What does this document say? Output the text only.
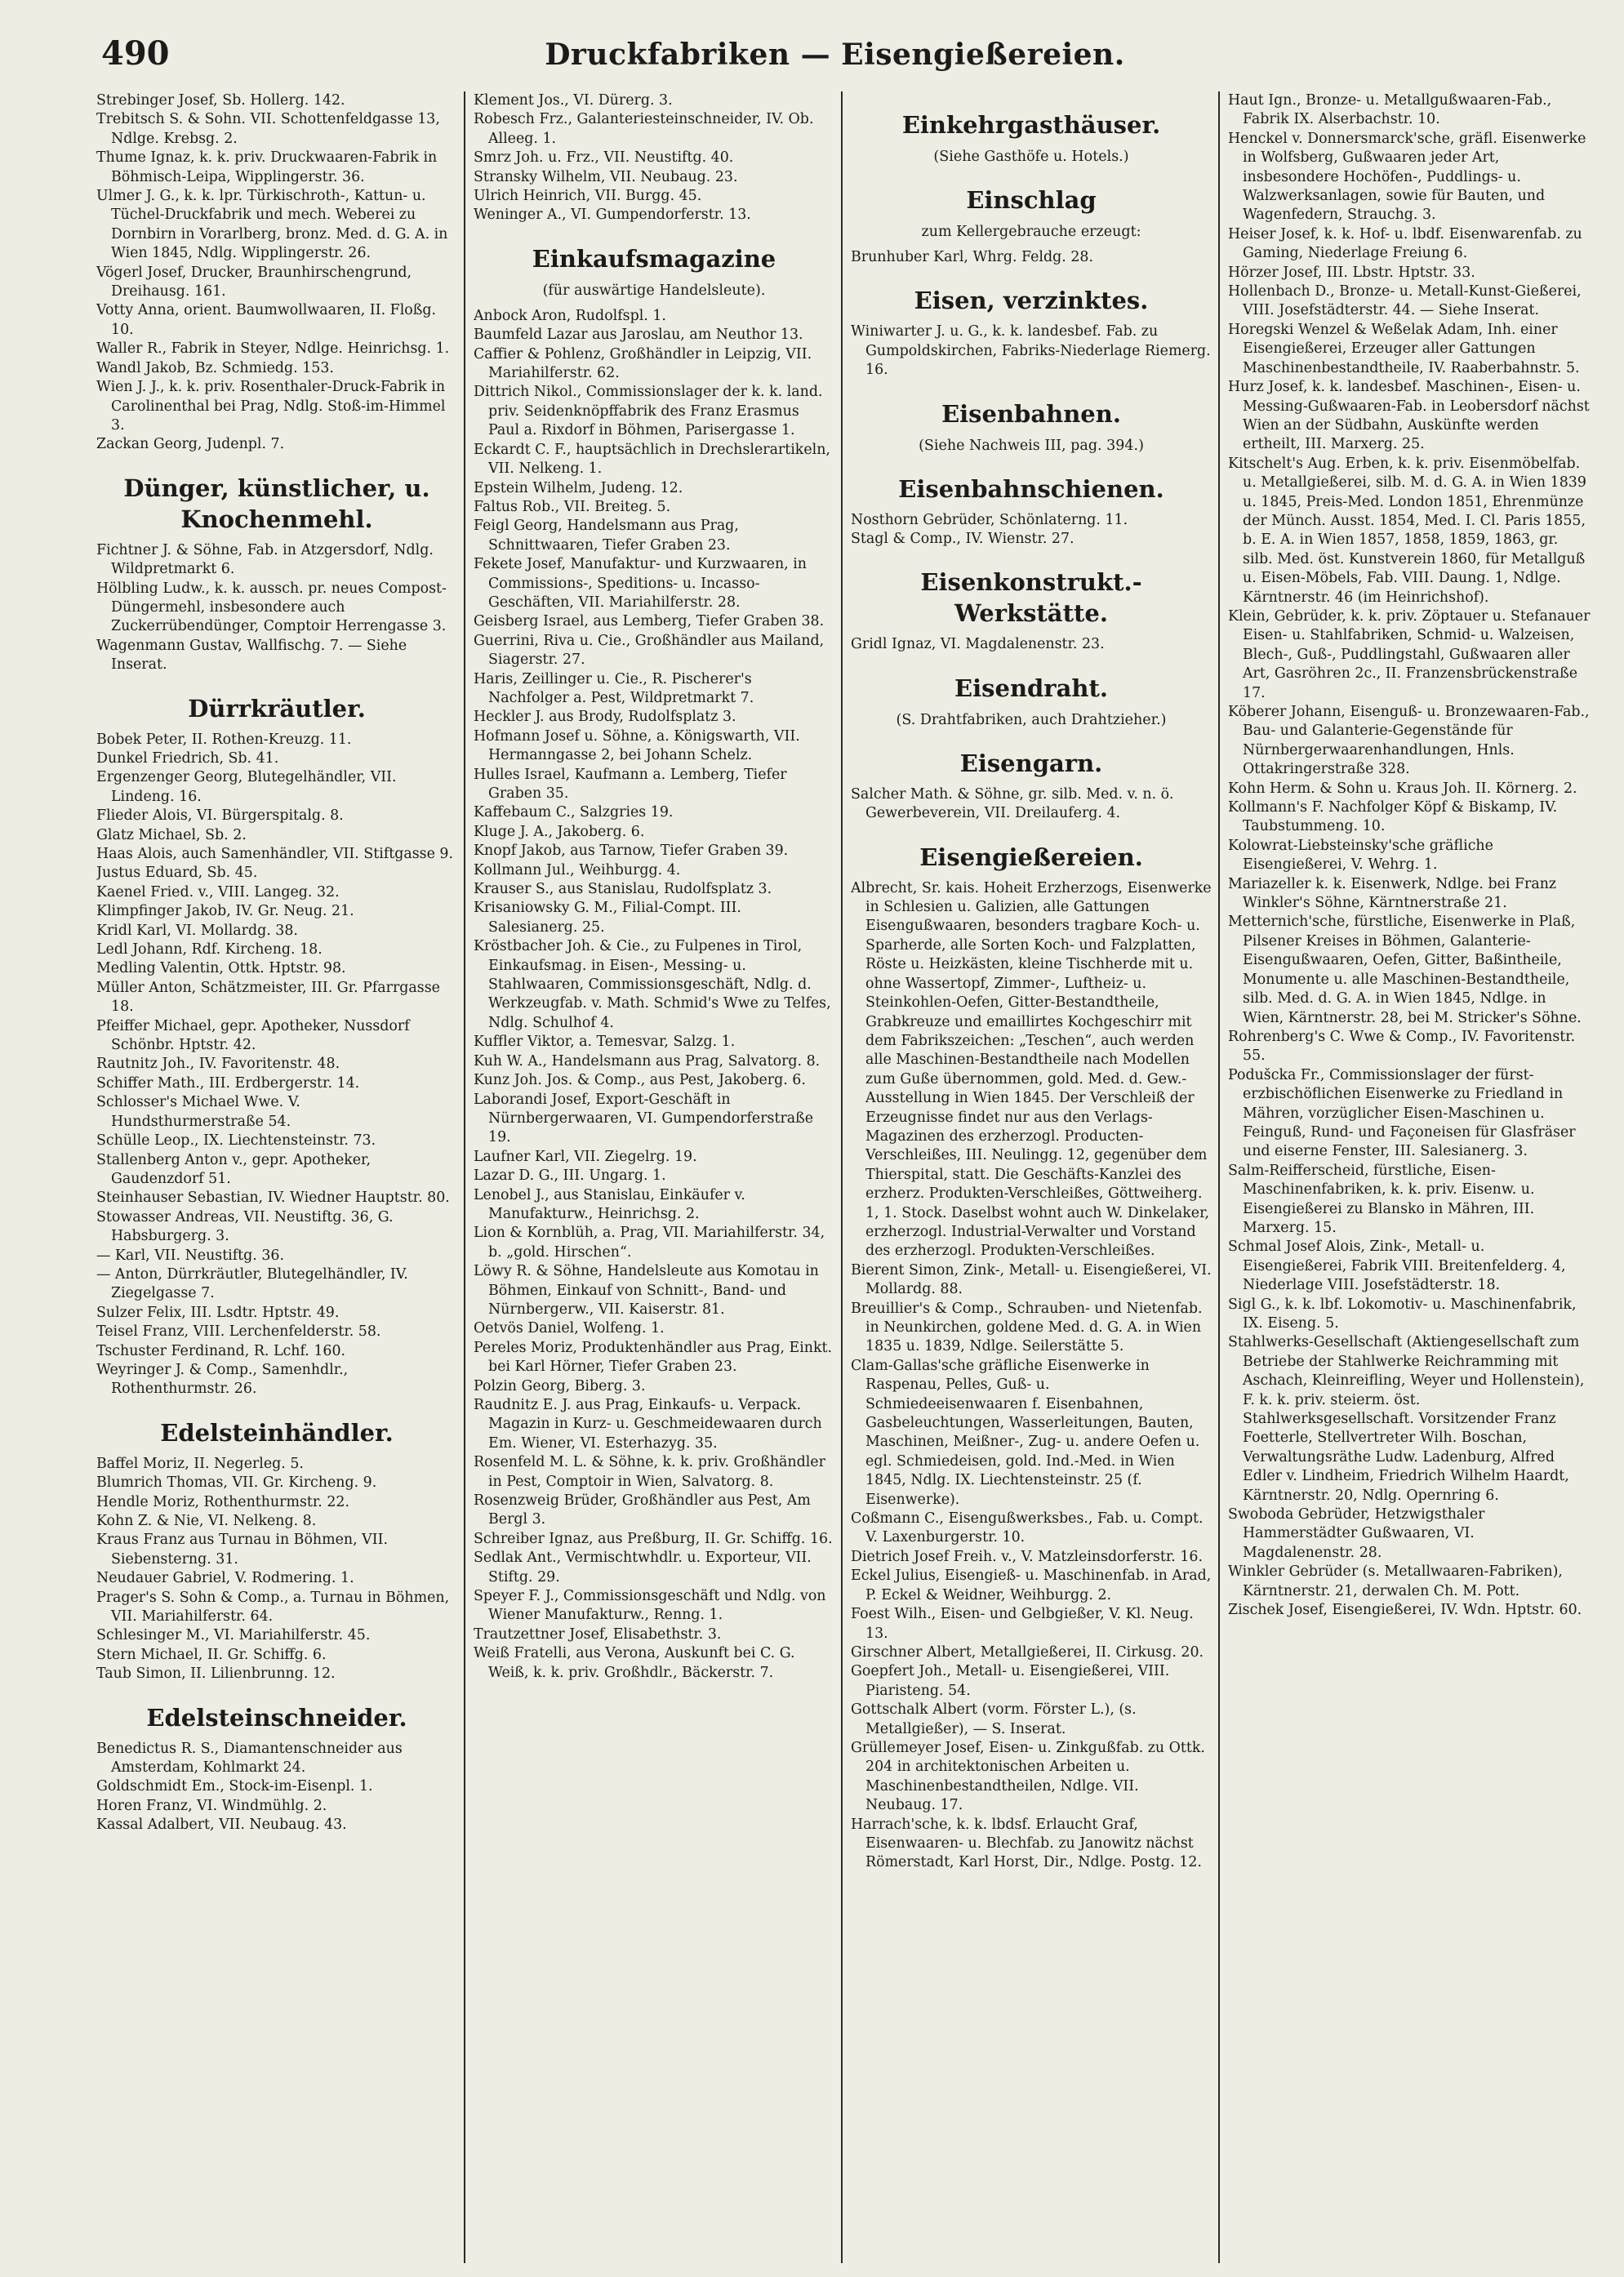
490	Druckfabriken — Eisengießereien.
Strebinger Josef, Sb. Hollerg. 142.
Trebitsch S. & Sohn. VII. Schottenfeldgasse 13, Ndlge. Krebsg. 2.
Thume Ignaz, k. k. priv. Druckwaaren-Fabrik in Böhmisch-Leipa, Wipplingerstr. 36.
Ulmer J. G., k. k. lpr. Türkischroth-, Kattun- u. Tüchel-Druckfabrik und mech. Weberei zu Dornbirn in Vorarlberg, bronz. Med. d. G. A. in Wien 1845, Ndlg. Wipplingerstr. 26.
Vögerl Josef, Drucker, Braunhirschengrund, Dreihausg. 161.
Votty Anna, orient. Baumwollwaaren, II. Floßg. 10.
Waller R., Fabrik in Steyer, Ndlge. Heinrichsg. 1.
Wandl Jakob, Bz. Schmiedg. 153.
Wien J. J., k. k. priv. Rosenthaler-Druck-Fabrik in Carolinenthal bei Prag, Ndlg. Stoß-im-Himmel 3.
Zackan Georg, Judenpl. 7.
Dünger, künstlicher, u. Knochenmehl.
Fichtner J. & Söhne, Fab. in Atzgersdorf, Ndlg. Wildpretmarkt 6.
Hölbling Ludw., k. k. aussch. pr. neues Compost-Düngermehl, insbesondere auch Zuckerrübendünger, Comptoir Herrengasse 3.
Wagenmann Gustav, Wallfischg. 7. — Siehe Inserat.
Dürrkräutler.
Bobek Peter, II. Rothen-Kreuzg. 11.
Dunkel Friedrich, Sb. 41.
Ergenzenger Georg, Blutegelhändler, VII. Lindeng. 16.
Flieder Alois, VI. Bürgerspitalg. 8.
Glatz Michael, Sb. 2.
Haas Alois, auch Samenhändler, VII. Stiftgasse 9.
Justus Eduard, Sb. 45.
Kaenel Fried. v., VIII. Langeg. 32.
Klimpfinger Jakob, IV. Gr. Neug. 21.
Kridl Karl, VI. Mollardg. 38.
Ledl Johann, Rdf. Kircheng. 18.
Medling Valentin, Ottk. Hptstr. 98.
Müller Anton, Schätzmeister, III. Gr. Pfarrgasse 18.
Pfeiffer Michael, gepr. Apotheker, Nussdorf Schönbr. Hptstr. 42.
Rautnitz Joh., IV. Favoritenstr. 48.
Schiffer Math., III. Erdbergerstr. 14.
Schlosser's Michael Wwe. V. Hundsthurmerstraße 54.
Schülle Leop., IX. Liechtensteinstr. 73.
Stallenberg Anton v., gepr. Apotheker, Gaudenzdorf 51.
Steinhauser Sebastian, IV. Wiedner Hauptstr. 80.
Stowasser Andreas, VII. Neustiftg. 36, G. Habsburgerg. 3.
— Karl, VII. Neustiftg. 36.
— Anton, Dürrkräutler, Blutegelhändler, IV. Ziegelgasse 7.
Sulzer Felix, III. Lsdtr. Hptstr. 49.
Teisel Franz, VIII. Lerchenfelderstr. 58.
Tschuster Ferdinand, R. Lchf. 160.
Weyringer J. & Comp., Samenhdlr., Rothenthurmstr. 26.
Edelsteinhändler.
Baffel Moriz, II. Negerleg. 5.
Blumrich Thomas, VII. Gr. Kircheng. 9.
Hendle Moriz, Rothenthurmstr. 22.
Kohn Z. & Nie, VI. Nelkeng. 8.
Kraus Franz aus Turnau in Böhmen, VII. Siebensterng. 31.
Neudauer Gabriel, V. Rodmering. 1.
Prager's S. Sohn & Comp., a. Turnau in Böhmen, VII. Mariahilferstr. 64.
Schlesinger M., VI. Mariahilferstr. 45.
Stern Michael, II. Gr. Schiffg. 6.
Taub Simon, II. Lilienbrunng. 12.
Edelsteinschneider.
Benedictus R. S., Diamantenschneider aus Amsterdam, Kohlmarkt 24.
Goldschmidt Em., Stock-im-Eisenpl. 1.
Horen Franz, VI. Windmühlg. 2.
Kassal Adalbert, VII. Neubaug. 43.
Klement Jos., VI. Dürerg. 3.
Robesch Frz., Galanteriesteinschneider, IV. Ob. Alleeg. 1.
Smrz Joh. u. Frz., VII. Neustiftg. 40.
Stransky Wilhelm, VII. Neubaug. 23.
Ulrich Heinrich, VII. Burgg. 45.
Weninger A., VI. Gumpendorferstr. 13.
Einkaufsmagazine
(für auswärtige Handelsleute).
Anbock Aron, Rudolfspl. 1.
Baumfeld Lazar aus Jaroslau, am Neuthor 13.
Caffier & Pohlenz, Großhändler in Leipzig, VII. Mariahilferstr. 62.
Dittrich Nikol., Commissionslager der k. k. land. priv. Seidenknöpffabrik des Franz Erasmus Paul a. Rixdorf in Böhmen, Parisergasse 1.
Eckardt C. F., hauptsächlich in Drechslerartikeln, VII. Nelkeng. 1.
Epstein Wilhelm, Judeng. 12.
Faltus Rob., VII. Breiteg. 5.
Feigl Georg, Handelsmann aus Prag, Schnittwaaren, Tiefer Graben 23.
Fekete Josef, Manufaktur- und Kurzwaaren, in Commissions-, Speditions- u. Incasso-Geschäften, VII. Mariahilferstr. 28.
Geisberg Israel, aus Lemberg, Tiefer Graben 38.
Guerrini, Riva u. Cie., Großhändler aus Mailand, Siagerstr. 27.
Haris, Zeillinger u. Cie., R. Pischerer's Nachfolger a. Pest, Wildpretmarkt 7.
Heckler J. aus Brody, Rudolfsplatz 3.
Hofmann Josef u. Söhne, a. Königswarth, VII. Hermanngasse 2, bei Johann Schelz.
Hulles Israel, Kaufmann a. Lemberg, Tiefer Graben 35.
Kaffebaum C., Salzgries 19.
Kluge J. A., Jakoberg. 6.
Knopf Jakob, aus Tarnow, Tiefer Graben 39.
Kollmann Jul., Weihburgg. 4.
Krauser S., aus Stanislau, Rudolfsplatz 3.
Krisaniowsky G. M., Filial-Compt. III. Salesianerg. 25.
Kröstbacher Joh. & Cie., zu Fulpenes in Tirol, Einkaufsmag. in Eisen-, Messing- u. Stahlwaaren, Commissionsgeschäft, Ndlg. d. Werkzeugfab. v. Math. Schmid's Wwe zu Telfes, Ndlg. Schulhof 4.
Kuffler Viktor, a. Temesvar, Salzg. 1.
Kuh W. A., Handelsmann aus Prag, Salvatorg. 8.
Kunz Joh. Jos. & Comp., aus Pest, Jakoberg. 6.
Laborandi Josef, Export-Geschäft in Nürnbergerwaaren, VI. Gumpendorferstraße 19.
Laufner Karl, VII. Ziegelrg. 19.
Lazar D. G., III. Ungarg. 1.
Lenobel J., aus Stanislau, Einkäufer v. Manufakturw., Heinrichsg. 2.
Lion & Kornblüh, a. Prag, VII. Mariahilferstr. 34, b. „gold. Hirschen“.
Löwy R. & Söhne, Handelsleute aus Komotau in Böhmen, Einkauf von Schnitt-, Band- und Nürnbergerw., VII. Kaiserstr. 81.
Oetvös Daniel, Wolfeng. 1.
Pereles Moriz, Produktenhändler aus Prag, Einkt. bei Karl Hörner, Tiefer Graben 23.
Polzin Georg, Biberg. 3.
Raudnitz E. J. aus Prag, Einkaufs- u. Verpack. Magazin in Kurz- u. Geschmeidewaaren durch Em. Wiener, VI. Esterhazyg. 35.
Rosenfeld M. L. & Söhne, k. k. priv. Großhändler in Pest, Comptoir in Wien, Salvatorg. 8.
Rosenzweig Brüder, Großhändler aus Pest, Am Bergl 3.
Schreiber Ignaz, aus Preßburg, II. Gr. Schiffg. 16.
Sedlak Ant., Vermischtwhdlr. u. Exporteur, VII. Stiftg. 29.
Speyer F. J., Commissionsgeschäft und Ndlg. von Wiener Manufakturw., Renng. 1.
Trautzettner Josef, Elisabethstr. 3.
Weiß Fratelli, aus Verona, Auskunft bei C. G. Weiß, k. k. priv. Großhdlr., Bäckerstr. 7.
Einkehrgasthäuser.
(Siehe Gasthöfe u. Hotels.)
Einschlag
zum Kellergebrauche erzeugt:
Brunhuber Karl, Whrg. Feldg. 28.
Eisen, verzinktes.
Winiwarter J. u. G., k. k. landesbef. Fab. zu Gumpoldskirchen, Fabriks-Niederlage Riemerg. 16.
Eisenbahnen.
(Siehe Nachweis III, pag. 394.)
Eisenbahnschienen.
Nosthorn Gebrüder, Schönlaterng. 11.
Stagl & Comp., IV. Wienstr. 27.
Eisenkonstrukt.-Werkstätte.
Gridl Ignaz, VI. Magdalenenstr. 23.
Eisendraht.
(S. Drahtfabriken, auch Drahtzieher.)
Eisengarn.
Salcher Math. & Söhne, gr. silb. Med. v. n. ö. Gewerbeverein, VII. Dreilauferg. 4.
Eisengießereien.
Albrecht, Sr. kais. Hoheit Erzherzogs, Eisenwerke in Schlesien u. Galizien, alle Gattungen Eisengußwaaren, besonders tragbare Koch- u. Sparherde, alle Sorten Koch- und Falzplatten, Röste u. Heizkästen, kleine Tischherde mit u. ohne Wassertopf, Zimmer-, Luftheiz- u. Steinkohlen-Oefen, Gitter-Bestandtheile, Grabkreuze und emaillirtes Kochgeschirr mit dem Fabrikszeichen: „Teschen“, auch werden alle Maschinen-Bestandtheile nach Modellen zum Guße übernommen, gold. Med. d. Gew.-Ausstellung in Wien 1845. Der Verschleiß der Erzeugnisse findet nur aus den Verlags-Magazinen des erzherzogl. Producten-Verschleißes, III. Neulingg. 12, gegenüber dem Thierspital, statt. Die Geschäfts-Kanzlei des erzherz. Produkten-Verschleißes, Göttweiherg. 1, 1. Stock. Daselbst wohnt auch W. Dinkelaker, erzherzogl. Industrial-Verwalter und Vorstand des erzherzogl. Produkten-Verschleißes.
Bierent Simon, Zink-, Metall- u. Eisengießerei, VI. Mollardg. 88.
Breuillier's & Comp., Schrauben- und Nietenfab. in Neunkirchen, goldene Med. d. G. A. in Wien 1835 u. 1839, Ndlge. Seilerstätte 5.
Clam-Gallas'sche gräfliche Eisenwerke in Raspenau, Pelles, Guß- u. Schmiedeeisenwaaren f. Eisenbahnen, Gasbeleuchtungen, Wasserleitungen, Bauten, Maschinen, Meißner-, Zug- u. andere Oefen u. egl. Schmiedeisen, gold. Ind.-Med. in Wien 1845, Ndlg. IX. Liechtensteinstr. 25 (f. Eisenwerke).
Coßmann C., Eisengußwerksbes., Fab. u. Compt. V. Laxenburgerstr. 10.
Dietrich Josef Freih. v., V. Matzleinsdorferstr. 16.
Eckel Julius, Eisengieß- u. Maschinenfab. in Arad, P. Eckel & Weidner, Weihburgg. 2.
Foest Wilh., Eisen- und Gelbgießer, V. Kl. Neug. 13.
Girschner Albert, Metallgießerei, II. Cirkusg. 20.
Goepfert Joh., Metall- u. Eisengießerei, VIII. Piaristeng. 54.
Gottschalk Albert (vorm. Förster L.), (s. Metallgießer), — S. Inserat.
Grüllemeyer Josef, Eisen- u. Zinkgußfab. zu Ottk. 204 in architektonischen Arbeiten u. Maschinenbestandtheilen, Ndlge. VII. Neubaug. 17.
Harrach'sche, k. k. lbdsf. Erlaucht Graf, Eisenwaaren- u. Blechfab. zu Janowitz nächst Römerstadt, Karl Horst, Dir., Ndlge. Postg. 12.
Haut Ign., Bronze- u. Metallgußwaaren-Fab., Fabrik IX. Alserbachstr. 10.
Henckel v. Donnersmarck'sche, gräfl. Eisenwerke in Wolfsberg, Gußwaaren jeder Art, insbesondere Hochöfen-, Puddlings- u. Walzwerksanlagen, sowie für Bauten, und Wagenfedern, Strauchg. 3.
Heiser Josef, k. k. Hof- u. lbdf. Eisenwarenfab. zu Gaming, Niederlage Freiung 6.
Hörzer Josef, III. Lbstr. Hptstr. 33.
Hollenbach D., Bronze- u. Metall-Kunst-Gießerei, VIII. Josefstädterstr. 44. — Siehe Inserat.
Horegski Wenzel & Weßelak Adam, Inh. einer Eisengießerei, Erzeuger aller Gattungen Maschinenbestandtheile, IV. Raaberbahnstr. 5.
Hurz Josef, k. k. landesbef. Maschinen-, Eisen- u. Messing-Gußwaaren-Fab. in Leobersdorf nächst Wien an der Südbahn, Auskünfte werden ertheilt, III. Marxerg. 25.
Kitschelt's Aug. Erben, k. k. priv. Eisenmöbelfab. u. Metallgießerei, silb. M. d. G. A. in Wien 1839 u. 1845, Preis-Med. London 1851, Ehrenmünze der Münch. Ausst. 1854, Med. I. Cl. Paris 1855, b. E. A. in Wien 1857, 1858, 1859, 1863, gr. silb. Med. öst. Kunstverein 1860, für Metallguß u. Eisen-Möbels, Fab. VIII. Daung. 1, Ndlge. Kärntnerstr. 46 (im Heinrichshof).
Klein, Gebrüder, k. k. priv. Zöptauer u. Stefanauer Eisen- u. Stahlfabriken, Schmid- u. Walzeisen, Blech-, Guß-, Puddlingstahl, Gußwaaren aller Art, Gasröhren 2c., II. Franzensbrückenstraße 17.
Köberer Johann, Eisenguß- u. Bronzewaaren-Fab., Bau- und Galanterie-Gegenstände für Nürnbergerwaarenhandlungen, Hnls. Ottakringerstraße 328.
Kohn Herm. & Sohn u. Kraus Joh. II. Körnerg. 2.
Kollmann's F. Nachfolger Köpf & Biskamp, IV. Taubstummeng. 10.
Kolowrat-Liebsteinsky'sche gräfliche Eisengießerei, V. Wehrg. 1.
Mariazeller k. k. Eisenwerk, Ndlge. bei Franz Winkler's Söhne, Kärntnerstraße 21.
Metternich'sche, fürstliche, Eisenwerke in Plaß, Pilsener Kreises in Böhmen, Galanterie-Eisengußwaaren, Oefen, Gitter, Baßintheile, Monumente u. alle Maschinen-Bestandtheile, silb. Med. d. G. A. in Wien 1845, Ndlge. in Wien, Kärntnerstr. 28, bei M. Stricker's Söhne.
Rohrenberg's C. Wwe & Comp., IV. Favoritenstr. 55.
Podušcka Fr., Commissionslager der fürst-erzbischöflichen Eisenwerke zu Friedland in Mähren, vorzüglicher Eisen-Maschinen u. Feinguß, Rund- und Façoneisen für Glasfräser und eiserne Fenster, III. Salesianerg. 3.
Salm-Reifferscheid, fürstliche, Eisen-Maschinenfabriken, k. k. priv. Eisenw. u. Eisengießerei zu Blansko in Mähren, III. Marxerg. 15.
Schmal Josef Alois, Zink-, Metall- u. Eisengießerei, Fabrik VIII. Breitenfelderg. 4, Niederlage VIII. Josefstädterstr. 18.
Sigl G., k. k. lbf. Lokomotiv- u. Maschinenfabrik, IX. Eiseng. 5.
Stahlwerks-Gesellschaft (Aktiengesellschaft zum Betriebe der Stahlwerke Reichramming mit Aschach, Kleinreifling, Weyer und Hollenstein), F. k. k. priv. steierm. öst. Stahlwerksgesellschaft. Vorsitzender Franz Foetterle, Stellvertreter Wilh. Boschan, Verwaltungsräthe Ludw. Ladenburg, Alfred Edler v. Lindheim, Friedrich Wilhelm Haardt, Kärntnerstr. 20, Ndlg. Opernring 6.
Swoboda Gebrüder, Hetzwigsthaler Hammerstädter Gußwaaren, VI. Magdalenenstr. 28.
Winkler Gebrüder (s. Metallwaaren-Fabriken), Kärntnerstr. 21, derwalen Ch. M. Pott.
Zischek Josef, Eisengießerei, IV. Wdn. Hptstr. 60.
